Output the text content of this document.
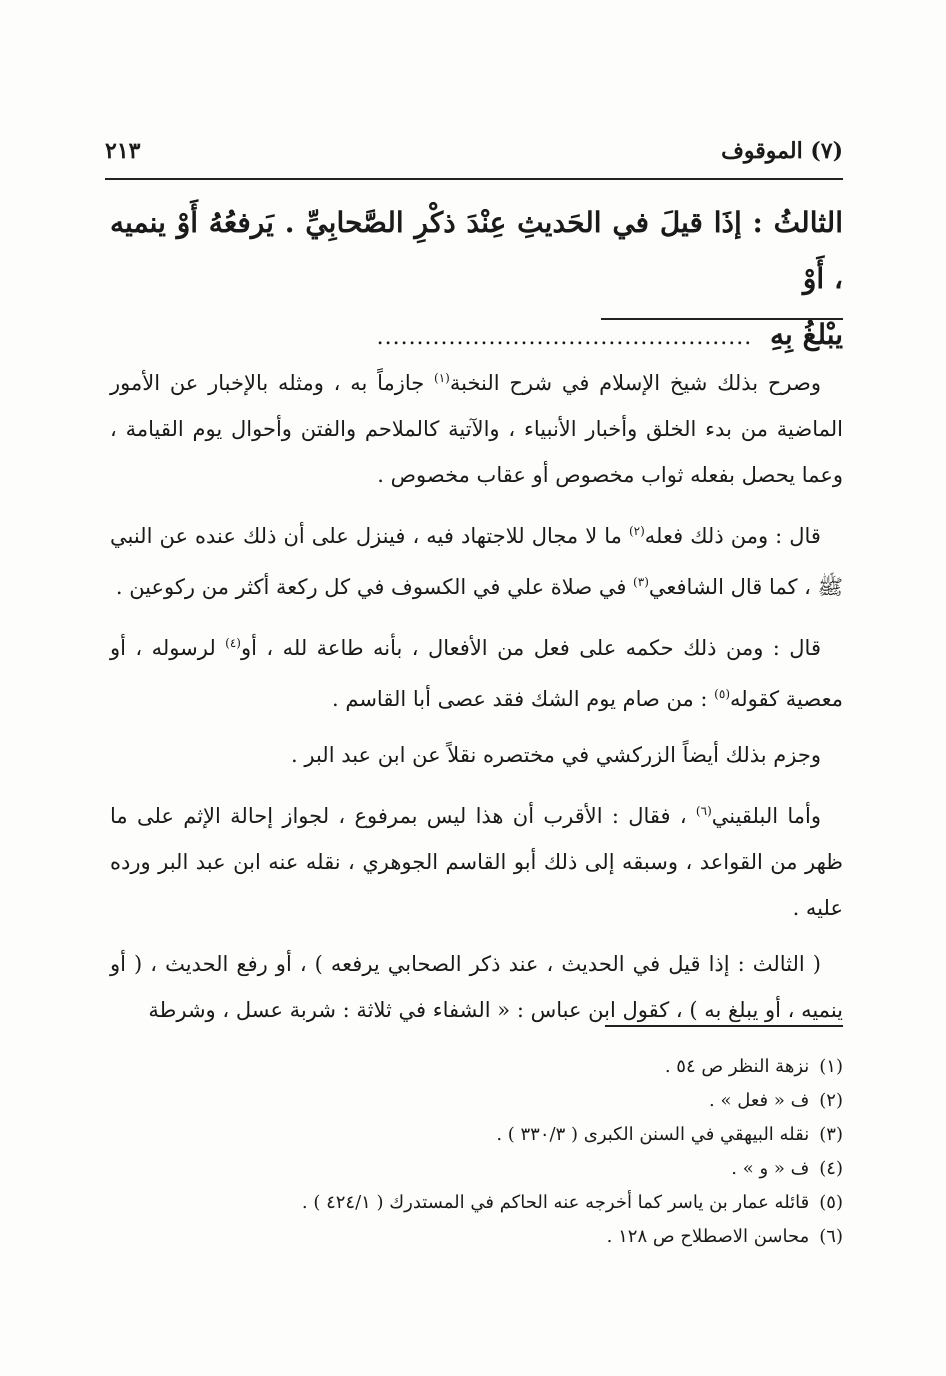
(٧) الموقوف
٢١٣
الثالثُ : إذَا قيلَ في الحَديثِ عِنْدَ ذكْرِ الصَّحابِيِّ . يَرفعُهُ أَوْ ينميه ، أَوْ
يبْلغُ بِهِ ...............................................

وصرح بذلك شيخ الإسلام في شرح النخبة$^{(١)}$ جازماً به ، ومثله بالإخبار عن الأمور الماضية من بدء الخلق وأخبار الأنبياء ، والآتية كالملاحم والفتن وأحوال يوم القيامة ، وعما يحصل بفعله ثواب مخصوص أو عقاب مخصوص .

قال : ومن ذلك فعله$^{(٢)}$ ما لا مجال للاجتهاد فيه ، فينزل على أن ذلك عنده عن النبي ﷺ ، كما قال الشافعي$^{(٣)}$ في صلاة علي في الكسوف في كل ركعة أكثر من ركوعين .

قال : ومن ذلك حكمه على فعل من الأفعال ، بأنه طاعة لله ، أو$^{(٤)}$ لرسوله ، أو معصية كقوله$^{(٥)}$ : من صام يوم الشك فقد عصى أبا القاسم .

وجزم بذلك أيضاً الزركشي في مختصره نقلاً عن ابن عبد البر .

وأما البلقيني$^{(٦)}$ ، فقال : الأقرب أن هذا ليس بمرفوع ، لجواز إحالة الإثم على ما ظهر من القواعد ، وسبقه إلى ذلك أبو القاسم الجوهري ، نقله عنه ابن عبد البر ورده عليه .

( الثالث : إذا قيل في الحديث ، عند ذكر الصحابي يرفعه ) ، أو رفع الحديث ، ( أو ينميه ، أو يبلغ به ) ، كقول ابن عباس : « الشفاء في ثلاثة : شربة عسل ، وشرطة

(١)نزهة النظر ص ٥٤ .
(٢)ف « فعل » .
(٣)نقله البيهقي في السنن الكبرى ( ٣٣٠/٣ ) .
(٤)ف « و » .
(٥)قائله عمار بن ياسر كما أخرجه عنه الحاكم في المستدرك ( ٤٢٤/١ ) .
(٦)محاسن الاصطلاح ص ١٢٨ .
